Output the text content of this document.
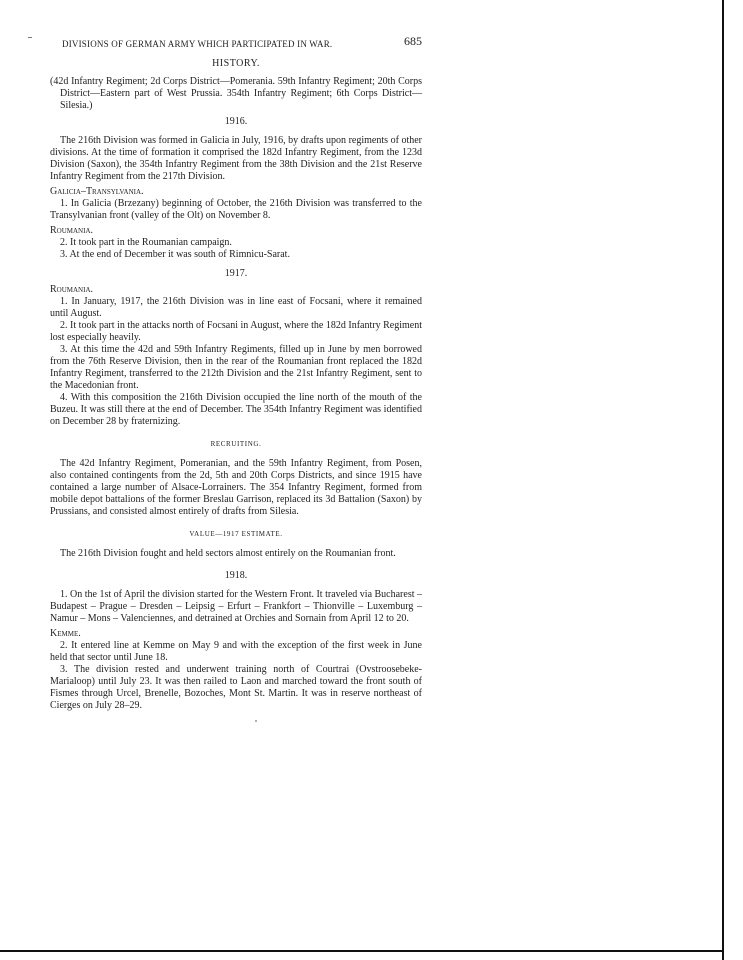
DIVISIONS OF GERMAN ARMY WHICH PARTICIPATED IN WAR.	685
HISTORY.

(42d Infantry Regiment; 2d Corps District—Pomerania. 59th Infantry Regiment; 20th Corps District—Eastern part of West Prussia. 354th Infantry Regiment; 6th Corps District—Silesia.)

1916.

The 216th Division was formed in Galicia in July, 1916, by drafts upon regiments of other divisions. At the time of formation it comprised the 182d Infantry Regiment, from the 123d Division (Saxon), the 354th Infantry Regiment from the 38th Division and the 21st Reserve Infantry Regiment from the 217th Division.

Galicia–Transylvania.

1. In Galicia (Brzezany) beginning of October, the 216th Division was transferred to the Transylvanian front (valley of the Olt) on November 8.

Roumania.

2. It took part in the Roumanian campaign.

3. At the end of December it was south of Rimnicu-Sarat.

1917.
Roumania.

1. In January, 1917, the 216th Division was in line east of Focsani, where it remained until August.

2. It took part in the attacks north of Focsani in August, where the 182d Infantry Regiment lost especially heavily.

3. At this time the 42d and 59th Infantry Regiments, filled up in June by men borrowed from the 76th Reserve Division, then in the rear of the Roumanian front replaced the 182d Infantry Regiment, transferred to the 212th Division and the 21st Infantry Regiment, sent to the Macedonian front.

4. With this composition the 216th Division occupied the line north of the mouth of the Buzeu. It was still there at the end of December. The 354th Infantry Regiment was identified on December 28 by fraternizing.

RECRUITING.

The 42d Infantry Regiment, Pomeranian, and the 59th Infantry Regiment, from Posen, also contained contingents from the 2d, 5th and 20th Corps Districts, and since 1915 have contained a large number of Alsace-Lorrainers. The 354 Infantry Regiment, formed from mobile depot battalions of the former Breslau Garrison, replaced its 3d Battalion (Saxon) by Prussians, and consisted almost entirely of drafts from Silesia.

VALUE—1917 ESTIMATE.

The 216th Division fought and held sectors almost entirely on the Roumanian front.

1918.

1. On the 1st of April the division started for the Western Front. It traveled via Bucharest – Budapest – Prague – Dresden – Leipsig – Erfurt – Frankfort – Thionville – Luxemburg – Namur – Mons – Valenciennes, and detrained at Orchies and Sornain from April 12 to 20.

Kemme.

2. It entered line at Kemme on May 9 and with the exception of the first week in June held that sector until June 18.

3. The division rested and underwent training north of Courtrai (Ovstroosebeke-Marialoop) until July 23. It was then railed to Laon and marched toward the front south of Fismes through Urcel, Brenelle, Bozoches, Mont St. Martin. It was in reserve northeast of Cierges on July 28–29.
